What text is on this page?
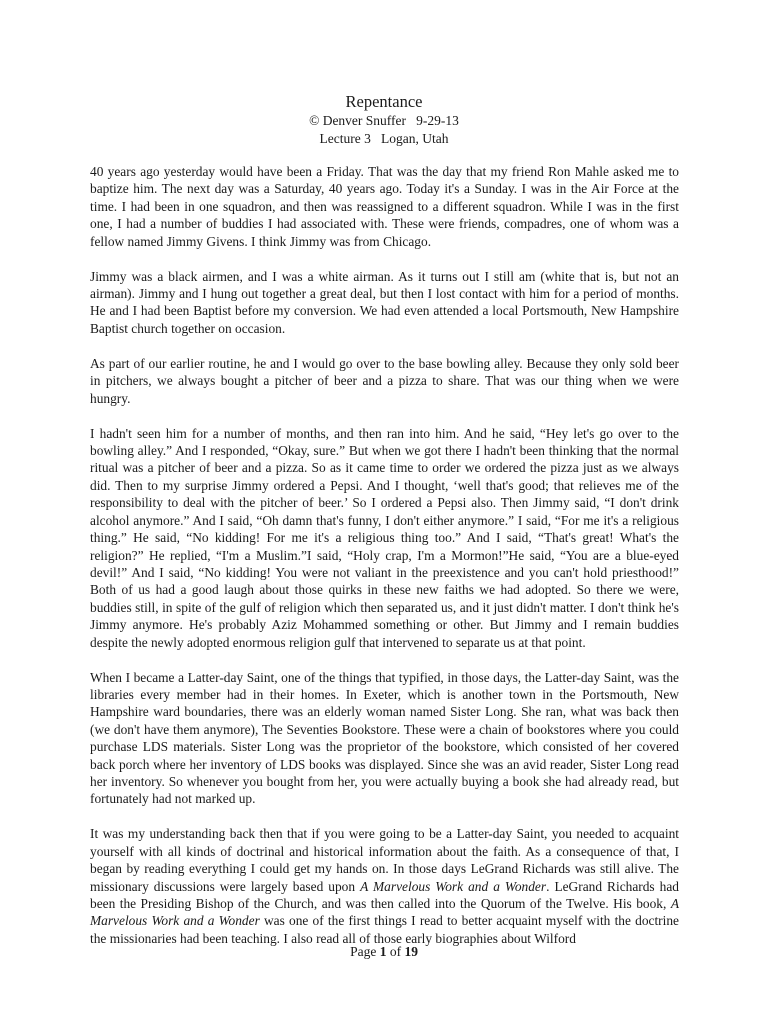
Repentance

© Denver Snuffer   9-29-13

Lecture 3   Logan, Utah

40 years ago yesterday would have been a Friday. That was the day that my friend Ron Mahle asked me to baptize him. The next day was a Saturday, 40 years ago. Today it's a Sunday. I was in the Air Force at the time. I had been in one squadron, and then was reassigned to a different squadron. While I was in the first one, I had a number of buddies I had associated with. These were friends, compadres, one of whom was a fellow named Jimmy Givens. I think Jimmy was from Chicago.

Jimmy was a black airmen, and I was a white airman. As it turns out I still am (white that is, but not an airman). Jimmy and I hung out together a great deal, but then I lost contact with him for a period of months. He and I had been Baptist before my conversion. We had even attended a local Portsmouth, New Hampshire Baptist church together on occasion.

As part of our earlier routine, he and I would go over to the base bowling alley. Because they only sold beer in pitchers, we always bought a pitcher of beer and a pizza to share. That was our thing when we were hungry.

I hadn't seen him for a number of months, and then ran into him. And he said, “Hey let's go over to the bowling alley.” And I responded, “Okay, sure.” But when we got there I hadn't been thinking that the normal ritual was a pitcher of beer and a pizza. So as it came time to order we ordered the pizza just as we always did. Then to my surprise Jimmy ordered a Pepsi. And I thought, ‘well that's good; that relieves me of the responsibility to deal with the pitcher of beer.’ So I ordered a Pepsi also. Then Jimmy said, “I don't drink alcohol anymore.” And I said, “Oh damn that's funny, I don't either anymore.” I said, “For me it's a religious thing.” He said, “No kidding! For me it's a religious thing too.” And I said, “That's great! What's the religion?” He replied, “I'm a Muslim.”I said, “Holy crap, I'm a Mormon!”He said, “You are a blue-eyed devil!” And I said, “No kidding! You were not valiant in the preexistence and you can't hold priesthood!” Both of us had a good laugh about those quirks in these new faiths we had adopted. So there we were, buddies still, in spite of the gulf of religion which then separated us, and it just didn't matter. I don't think he's Jimmy anymore. He's probably Aziz Mohammed something or other. But Jimmy and I remain buddies despite the newly adopted enormous religion gulf that intervened to separate us at that point.

When I became a Latter-day Saint, one of the things that typified, in those days, the Latter-day Saint, was the libraries every member had in their homes. In Exeter, which is another town in the Portsmouth, New Hampshire ward boundaries, there was an elderly woman named Sister Long. She ran, what was back then (we don't have them anymore), The Seventies Bookstore. These were a chain of bookstores where you could purchase LDS materials. Sister Long was the proprietor of the bookstore, which consisted of her covered back porch where her inventory of LDS books was displayed. Since she was an avid reader, Sister Long read her inventory. So whenever you bought from her, you were actually buying a book she had already read, but fortunately had not marked up.

It was my understanding back then that if you were going to be a Latter-day Saint, you needed to acquaint yourself with all kinds of doctrinal and historical information about the faith. As a consequence of that, I began by reading everything I could get my hands on. In those days LeGrand Richards was still alive. The missionary discussions were largely based upon A Marvelous Work and a Wonder. LeGrand Richards had been the Presiding Bishop of the Church, and was then called into the Quorum of the Twelve. His book, A Marvelous Work and a Wonder was one of the first things I read to better acquaint myself with the doctrine the missionaries had been teaching. I also read all of those early biographies about Wilford

Page 1 of 19
